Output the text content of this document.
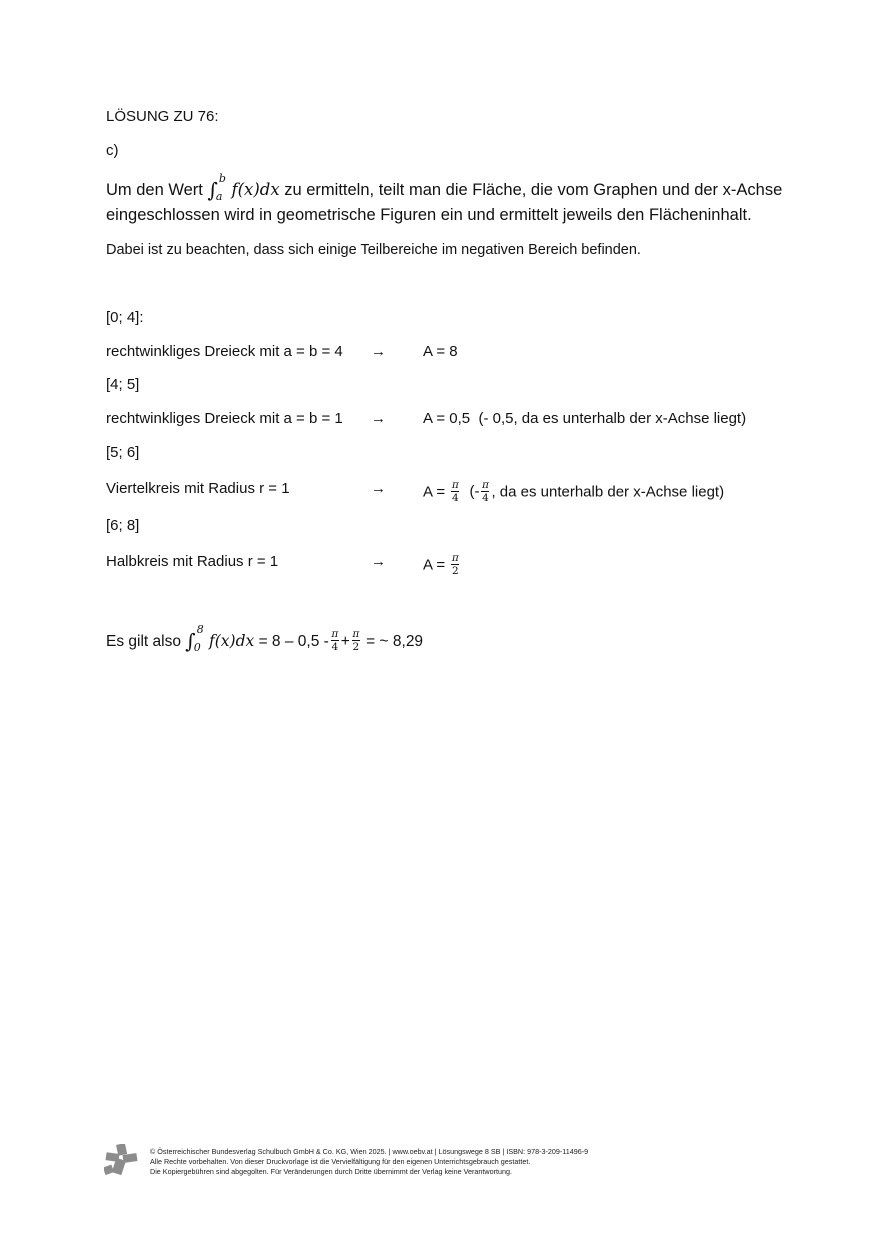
LÖSUNG ZU 76:
c)
Um den Wert ∫ b
a f(x)dx zu ermitteln, teilt man die Fläche, die vom Graphen und der x-Achse
eingeschlossen wird in geometrische Figuren ein und ermittelt jeweils den Flächeninhalt.
Dabei ist zu beachten, dass sich einige Teilbereiche im negativen Bereich befinden.
[0; 4]:
rechtwinkliges Dreieck mit a = b = 4 → A = 8
[4; 5]
rechtwinkliges Dreieck mit a = b = 1 → A = 0,5  (- 0,5, da es unterhalb der x-Achse liegt)
[5; 6]
Viertelkreis mit Radius r = 1	→ $A = \frac{\pi}{4}$ (- $\frac{\pi}{4}$ , da es unterhalb der x-Achse liegt)
[6; 8]
Halbkreis mit Radius r = 1	→ $A = \frac{\pi}{2}$
Es gilt also ∫ 8
0 $f(x)dx = 8 - 0,5 - \frac{\pi}{4} + \frac{\pi}{2}$ = ~ 8,29
© Österreichischer Bundesverlag Schulbuch GmbH & Co. KG, Wien 2025. | www.oebv.at | Lösungswege 8 SB | ISBN: 978-3-209-11496-9
Alle Rechte vorbehalten. Von dieser Druckvorlage ist die Vervielfältigung für den eigenen Unterrichtsgebrauch gestattet.
Die Kopiergebühren sind abgegolten. Für Veränderungen durch Dritte übernimmt der Verlag keine Verantwortung.
